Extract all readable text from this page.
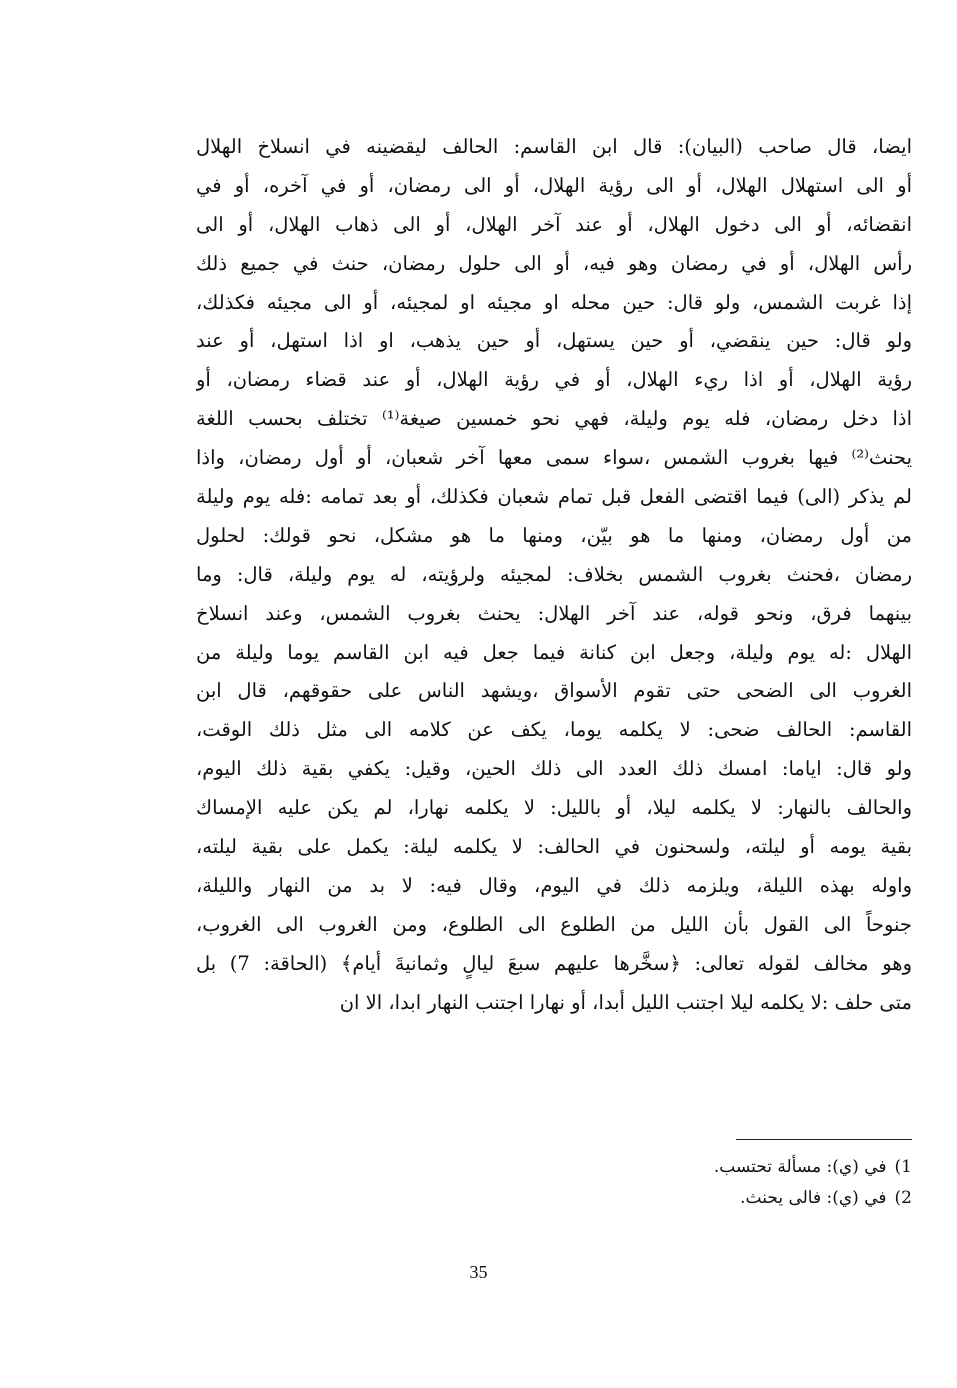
ايضا، قال صاحب (البيان): قال ابن القاسم: الحالف ليقضينه في انسلاخ الهلال
أو الى استهلال الهلال، أو الى رؤية الهلال، أو الى رمضان، أو في آخره، أو في
انقضائه، أو الى دخول الهلال، أو عند آخر الهلال، أو الى ذهاب الهلال، أو الى
رأس الهلال، أو في رمضان وهو فيه، أو الى حلول رمضان، حنث في جميع ذلك
إذا غربت الشمس، ولو قال: حين محله او مجيئه او لمجيئه، أو الى مجيئه فكذلك،
ولو قال: حين ينقضي، أو حين يستهل، أو حين يذهب، او اذا استهل، أو عند
رؤية الهلال، أو اذا ريء الهلال، أو في رؤية الهلال، أو عند قضاء رمضان، أو
اذا دخل رمضان، فله يوم وليلة، فهي نحو خمسين صيغة⁽¹⁾ تختلف بحسب اللغة
يحنث⁽²⁾ فيها بغروب الشمس ،سواء سمى معها آخر شعبان، أو أول رمضان، واذا
لم يذكر (الى) فيما اقتضى الفعل قبل تمام شعبان فكذلك، أو بعد تمامه :فله يوم وليلة
من أول رمضان، ومنها ما هو بيّن، ومنها ما هو مشكل، نحو قولك: لحلول
رمضان ،فحنث بغروب الشمس بخلاف: لمجيئه ولرؤيته، له يوم وليلة، قال: وما
بينهما فرق، ونحو قوله، عند آخر الهلال: يحنث بغروب الشمس، وعند انسلاخ
الهلال :له يوم وليلة، وجعل ابن كنانة فيما جعل فيه ابن القاسم يوما وليلة من
الغروب الى الضحى حتى تقوم الأسواق ،ويشهد الناس على حقوقهم، قال ابن
القاسم: الحالف ضحى: لا يكلمه يوما، يكف عن كلامه الى مثل ذلك الوقت،
ولو قال: اياما: امسك ذلك العدد الى ذلك الحين، وقيل: يكفي بقية ذلك اليوم،
والحالف بالنهار: لا يكلمه ليلا، أو بالليل: لا يكلمه نهارا، لم يكن عليه الإمساك
بقية يومه أو ليلته، ولسحنون في الحالف: لا يكلمه ليلة: يكمل على بقية ليلته،
واوله بهذه الليلة، ويلزمه ذلك في اليوم، وقال فيه: لا بد من النهار والليلة،
جنوحاً الى القول بأن الليل من الطلوع الى الطلوع، ومن الغروب الى الغروب،
وهو مخالف لقوله تعالى: ﴿سخَّرها عليهم سبعَ ليالٍ وثمانيةَ أيام﴾ (الحاقة: 7) بل
متى حلف :لا يكلمه ليلا اجتنب الليل أبدا، أو نهارا اجتنب النهار ابدا، الا ان
1)في (ي): مسألة تحتسب.
2)في (ي): فالى يحنث.
35
